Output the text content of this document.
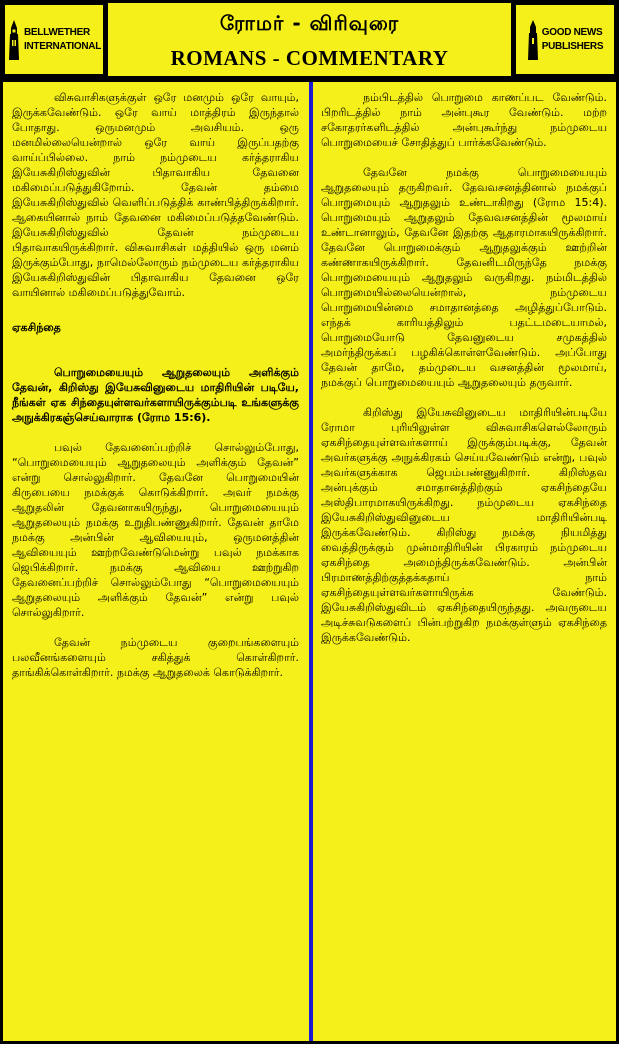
BELLWETHER
INTERNATIONAL
ரோமர் - விரிவுரை
ROMANS - COMMENTARY
GOOD NEWS
PUBLISHERS

விசுவாசிகளுக்குள் ஒரே மனமும் ஒரே வாயும், இருக்கவேண்டும். ஒரே வாய் மாத்திரம் இருந்தால் போதாது. ஒருமனமும் அவசியம். ஒரு மனமில்லையென்றால் ஒரே வாய் இருப்பதற்கு வாய்ப்பில்லை. நாம் நம்முடைய கர்த்தராகிய இயேசுகிறிஸ்துவின் பிதாவாகிய தேவனை மகிமைப்படுத்துகிறோம். தேவன் தம்மை இயேசுகிறிஸ்துவில் வெளிப்படுத்திக் காண்பித்திருக்கிறார். ஆகையினால் நாம் தேவனை மகிமைப்படுத்தவேண்டும். இயேசுகிறிஸ்துவில் தேவன் நம்முடைய பிதாவாகயிருக்கிறார். விசுவாசிகள் மத்தியில் ஒரு மனம் இருக்கும்போது, நாமெல்லோரும் நம்முடைய கர்த்தராகிய இயேசுகிறிஸ்துவின் பிதாவாகிய தேவனை ஒரே வாயினால் மகிமைப்படுத்துவோம்.

ஏகசிந்தை

பொறுமையையும் ஆறுதலையும் அளிக்கும் தேவன், கிறிஸ்து இயேசுவினுடைய மாதிரியின் படியே, நீங்கள் ஏக சிந்தையுள்ளவர்களாயிருக்கும்படி உங்களுக்கு அநுக்கிரகஞ்செய்வாராக (ரோம 15:6).

பவுல் தேவனைப்பற்றிச் சொல்லும்போது, “பொறுமையையும் ஆறுதலையும் அளிக்கும் தேவன்” என்று சொல்லுகிறார். தேவனே பொறுமையின் கிருபையை நமக்குக் கொடுக்கிறார். அவர் நமக்கு ஆறுதலின் தேவனாகயிருந்து, பொறுமையையும் ஆறுதலையும் நமக்கு உறுதிபண்ணுகிறார். தேவன் தாமே நமக்கு அன்பின் ஆவியையும், ஒருமனத்தின் ஆவியையும் ஊற்றவேண்டுமென்று பவுல் நமக்காக ஜெபிக்கிறார். நமக்கு ஆவியை ஊற்றுகிற தேவனைப்பற்றிச் சொல்லும்போது “பொறுமையையும் ஆறுதலையும் அளிக்கும் தேவன்” என்று பவுல் சொல்லுகிறார்.

தேவன் நம்முடைய குறைபங்களையும் பலவீனங்களையும் சகித்துக் கொள்கிறார். தாங்கிக்கொள்கிறார். நமக்கு ஆறுதலைக் கொடுக்கிறார்.

நம்பிடத்தில் பொறுமை காணப்பட வேண்டும். பிறரிடத்தில் நாம் அன்புகூர வேண்டும். மற்ற சகோதரர்களிடத்தில் அன்புகூர்ந்து நம்முடைய பொறுமையைச் சோதித்துப் பார்க்கவேண்டும்.

தேவனே நமக்கு பொறுமையையும் ஆறுதலையும் தருகிறவர். தேவவசனத்தினால் நமக்குப் பொறுமையும் ஆறுதலும் உண்டாகிறது (ரோம 15:4). பொறுமையும் ஆறுதலும் தேவவசனத்தின் மூலமாய் உண்டானாலும், தேவனே இதற்கு ஆதாரமாகயிருக்கிறார். தேவனே பொறுமைக்கும் ஆறுதலுக்கும் ஊற்றின் கண்ணாகயிருக்கிறார். தேவனிடமிருந்தே நமக்கு பொறுமையையும் ஆறுதலும் வருகிறது. நம்மிடத்தில் பொறுமையில்லையென்றால், நம்முடைய பொறுமையின்மை சமாதானத்தை அழித்துப்போடும். எந்தக் காரியத்திலும் பதட்டமடையாமல், பொறுமையோடு தேவனுடைய சமுகத்தில் அமர்ந்திருக்கப் பழகிக்கொள்ளவேண்டும். அப்போது தேவன் தாமே, தம்முடைய வசனத்தின் மூலமாய், நமக்குப் பொறுமையையும் ஆறுதலையும் தருவார்.

கிறிஸ்து இயேசுவினுடைய மாதிரியின்படியே ரோமா புரியிலுள்ள விசுவாசிகளெல்லோரும் ஏகசிந்தையுள்ளவர்களாய் இருக்கும்படிக்கு, தேவன் அவர்களுக்கு அநுக்கிரகம் செய்யவேண்டும் என்று, பவுல் அவர்களுக்காக ஜெபம்பண்ணுகிறார். கிறிஸ்தவ அன்புக்கும் சமாதானத்திற்கும் ஏகசிந்தையே அஸ்திபாரமாகயிருக்கிறது. நம்முடைய ஏகசிந்தை இயேசுகிறிஸ்துவினுடைய மாதிரியின்படி இருக்கவேண்டும். கிறிஸ்து நமக்கு நியமித்து வைத்திருக்கும் முன்மாதிரியின் பிரகாரம் நம்முடைய ஏகசிந்தை அமைந்திருக்கவேண்டும். அன்பின் பிரமாணத்திற்குத்தக்கதாய் நாம் ஏகசிந்தையுள்ளவர்களாயிருக்க வேண்டும். இயேசுகிறிஸ்துவிடம் ஏகசிந்தையிருந்தது. அவருடைய அடிச்சுவடுகளைப் பின்பற்றுகிற நமக்குள்ளும் ஏகசிந்தை இருக்கவேண்டும்.
